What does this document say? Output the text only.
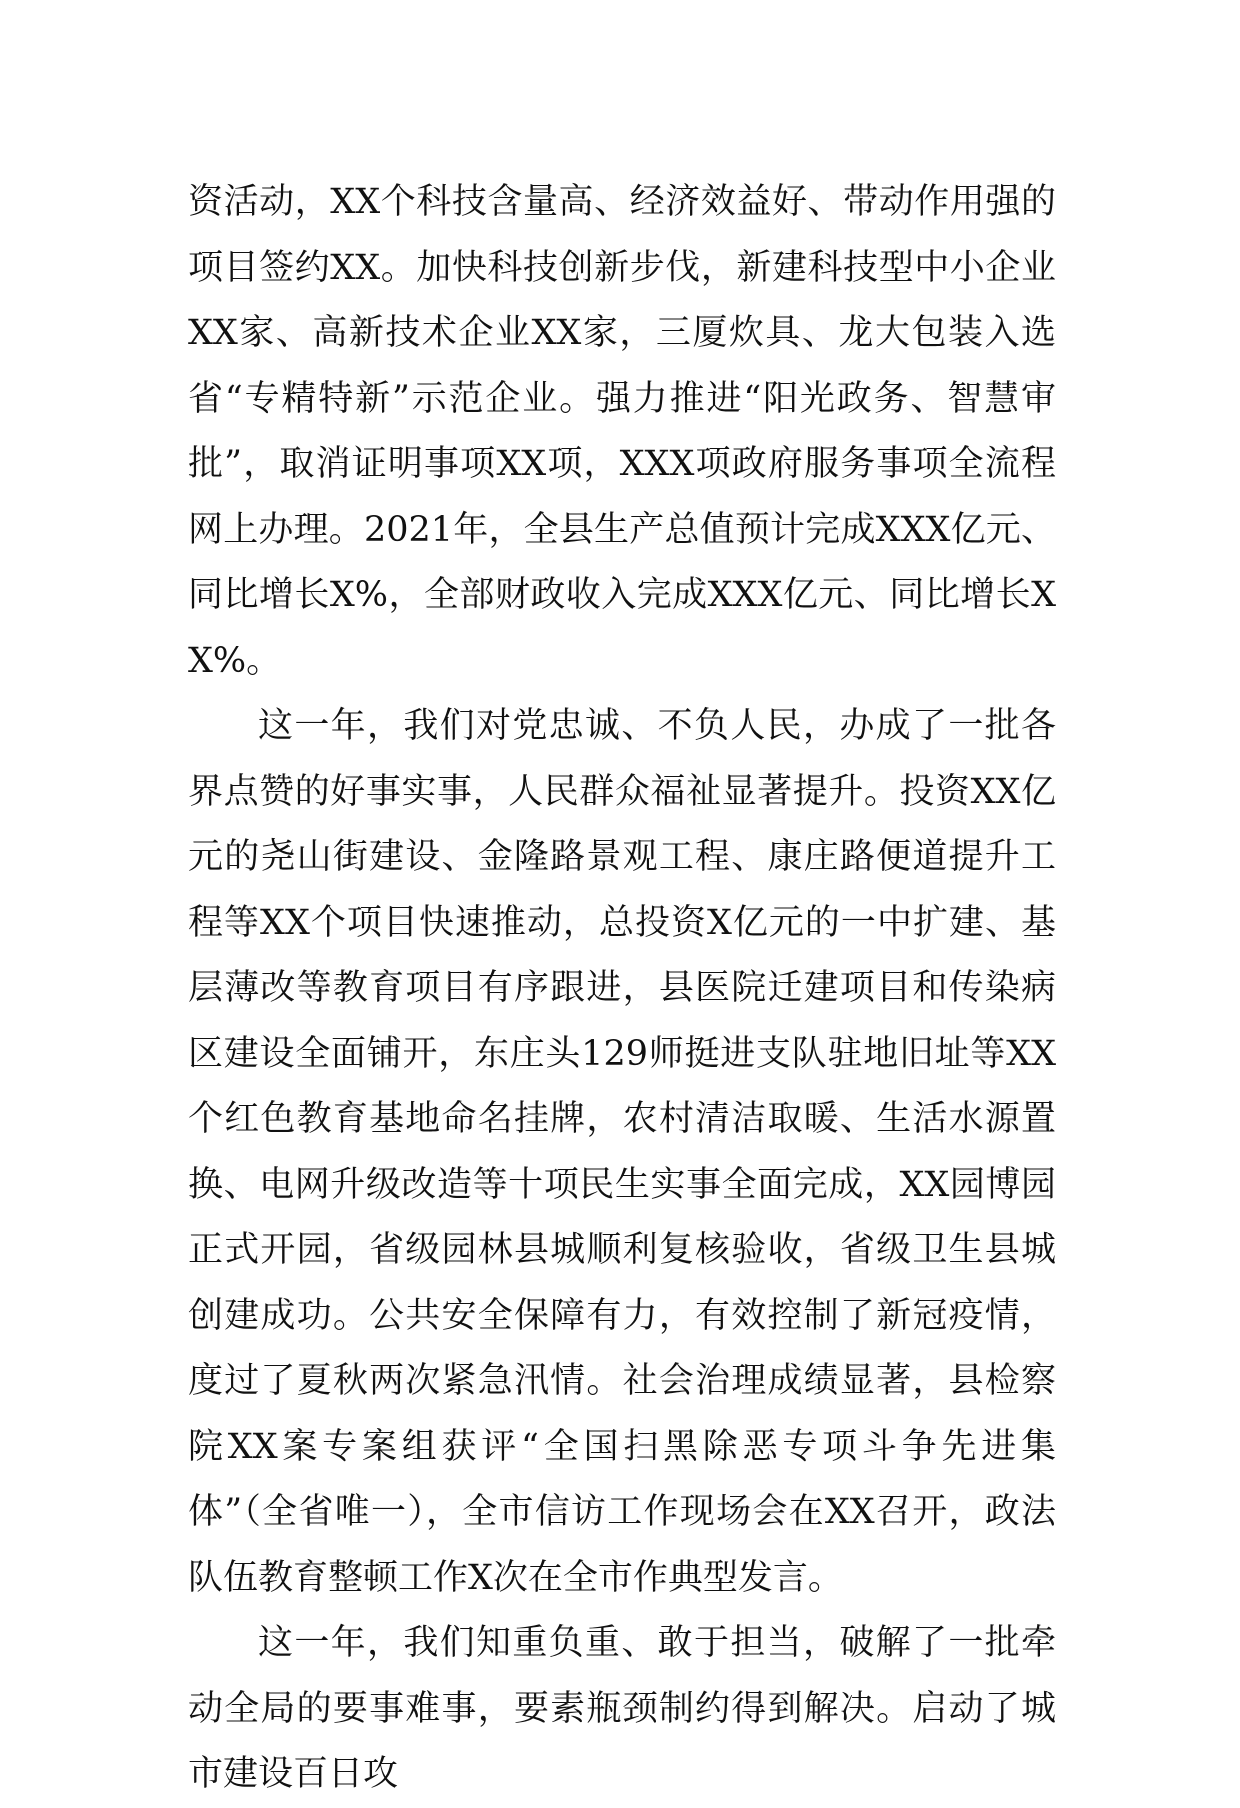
资活动，XX个科技含量高、经济效益好、带动作用强的项目签约XX。加快科技创新步伐，新建科技型中小企业XX家、高新技术企业XX家，三厦炊具、龙大包装入选省“专精特新”示范企业。强力推进“阳光政务、智慧审批”，取消证明事项XX项，XXX项政府服务事项全流程网上办理。2021年，全县生产总值预计完成XXX亿元、同比增长X%，全部财政收入完成XXX亿元、同比增长XX%。

这一年，我们对党忠诚、不负人民，办成了一批各界点赞的好事实事，人民群众福祉显著提升。投资XX亿元的尧山街建设、金隆路景观工程、康庄路便道提升工程等XX个项目快速推动，总投资X亿元的一中扩建、基层薄改等教育项目有序跟进，县医院迁建项目和传染病区建设全面铺开，东庄头129师挺进支队驻地旧址等XX个红色教育基地命名挂牌，农村清洁取暖、生活水源置换、电网升级改造等十项民生实事全面完成，XX园博园正式开园，省级园林县城顺利复核验收，省级卫生县城创建成功。公共安全保障有力，有效控制了新冠疫情，度过了夏秋两次紧急汛情。社会治理成绩显著，县检察院XX案专案组获评“全国扫黑除恶专项斗争先进集体”（全省唯一），全市信访工作现场会在XX召开，政法队伍教育整顿工作X次在全市作典型发言。

这一年，我们知重负重、敢于担当，破解了一批牵动全局的要事难事，要素瓶颈制约得到解决。启动了城市建设百日攻
